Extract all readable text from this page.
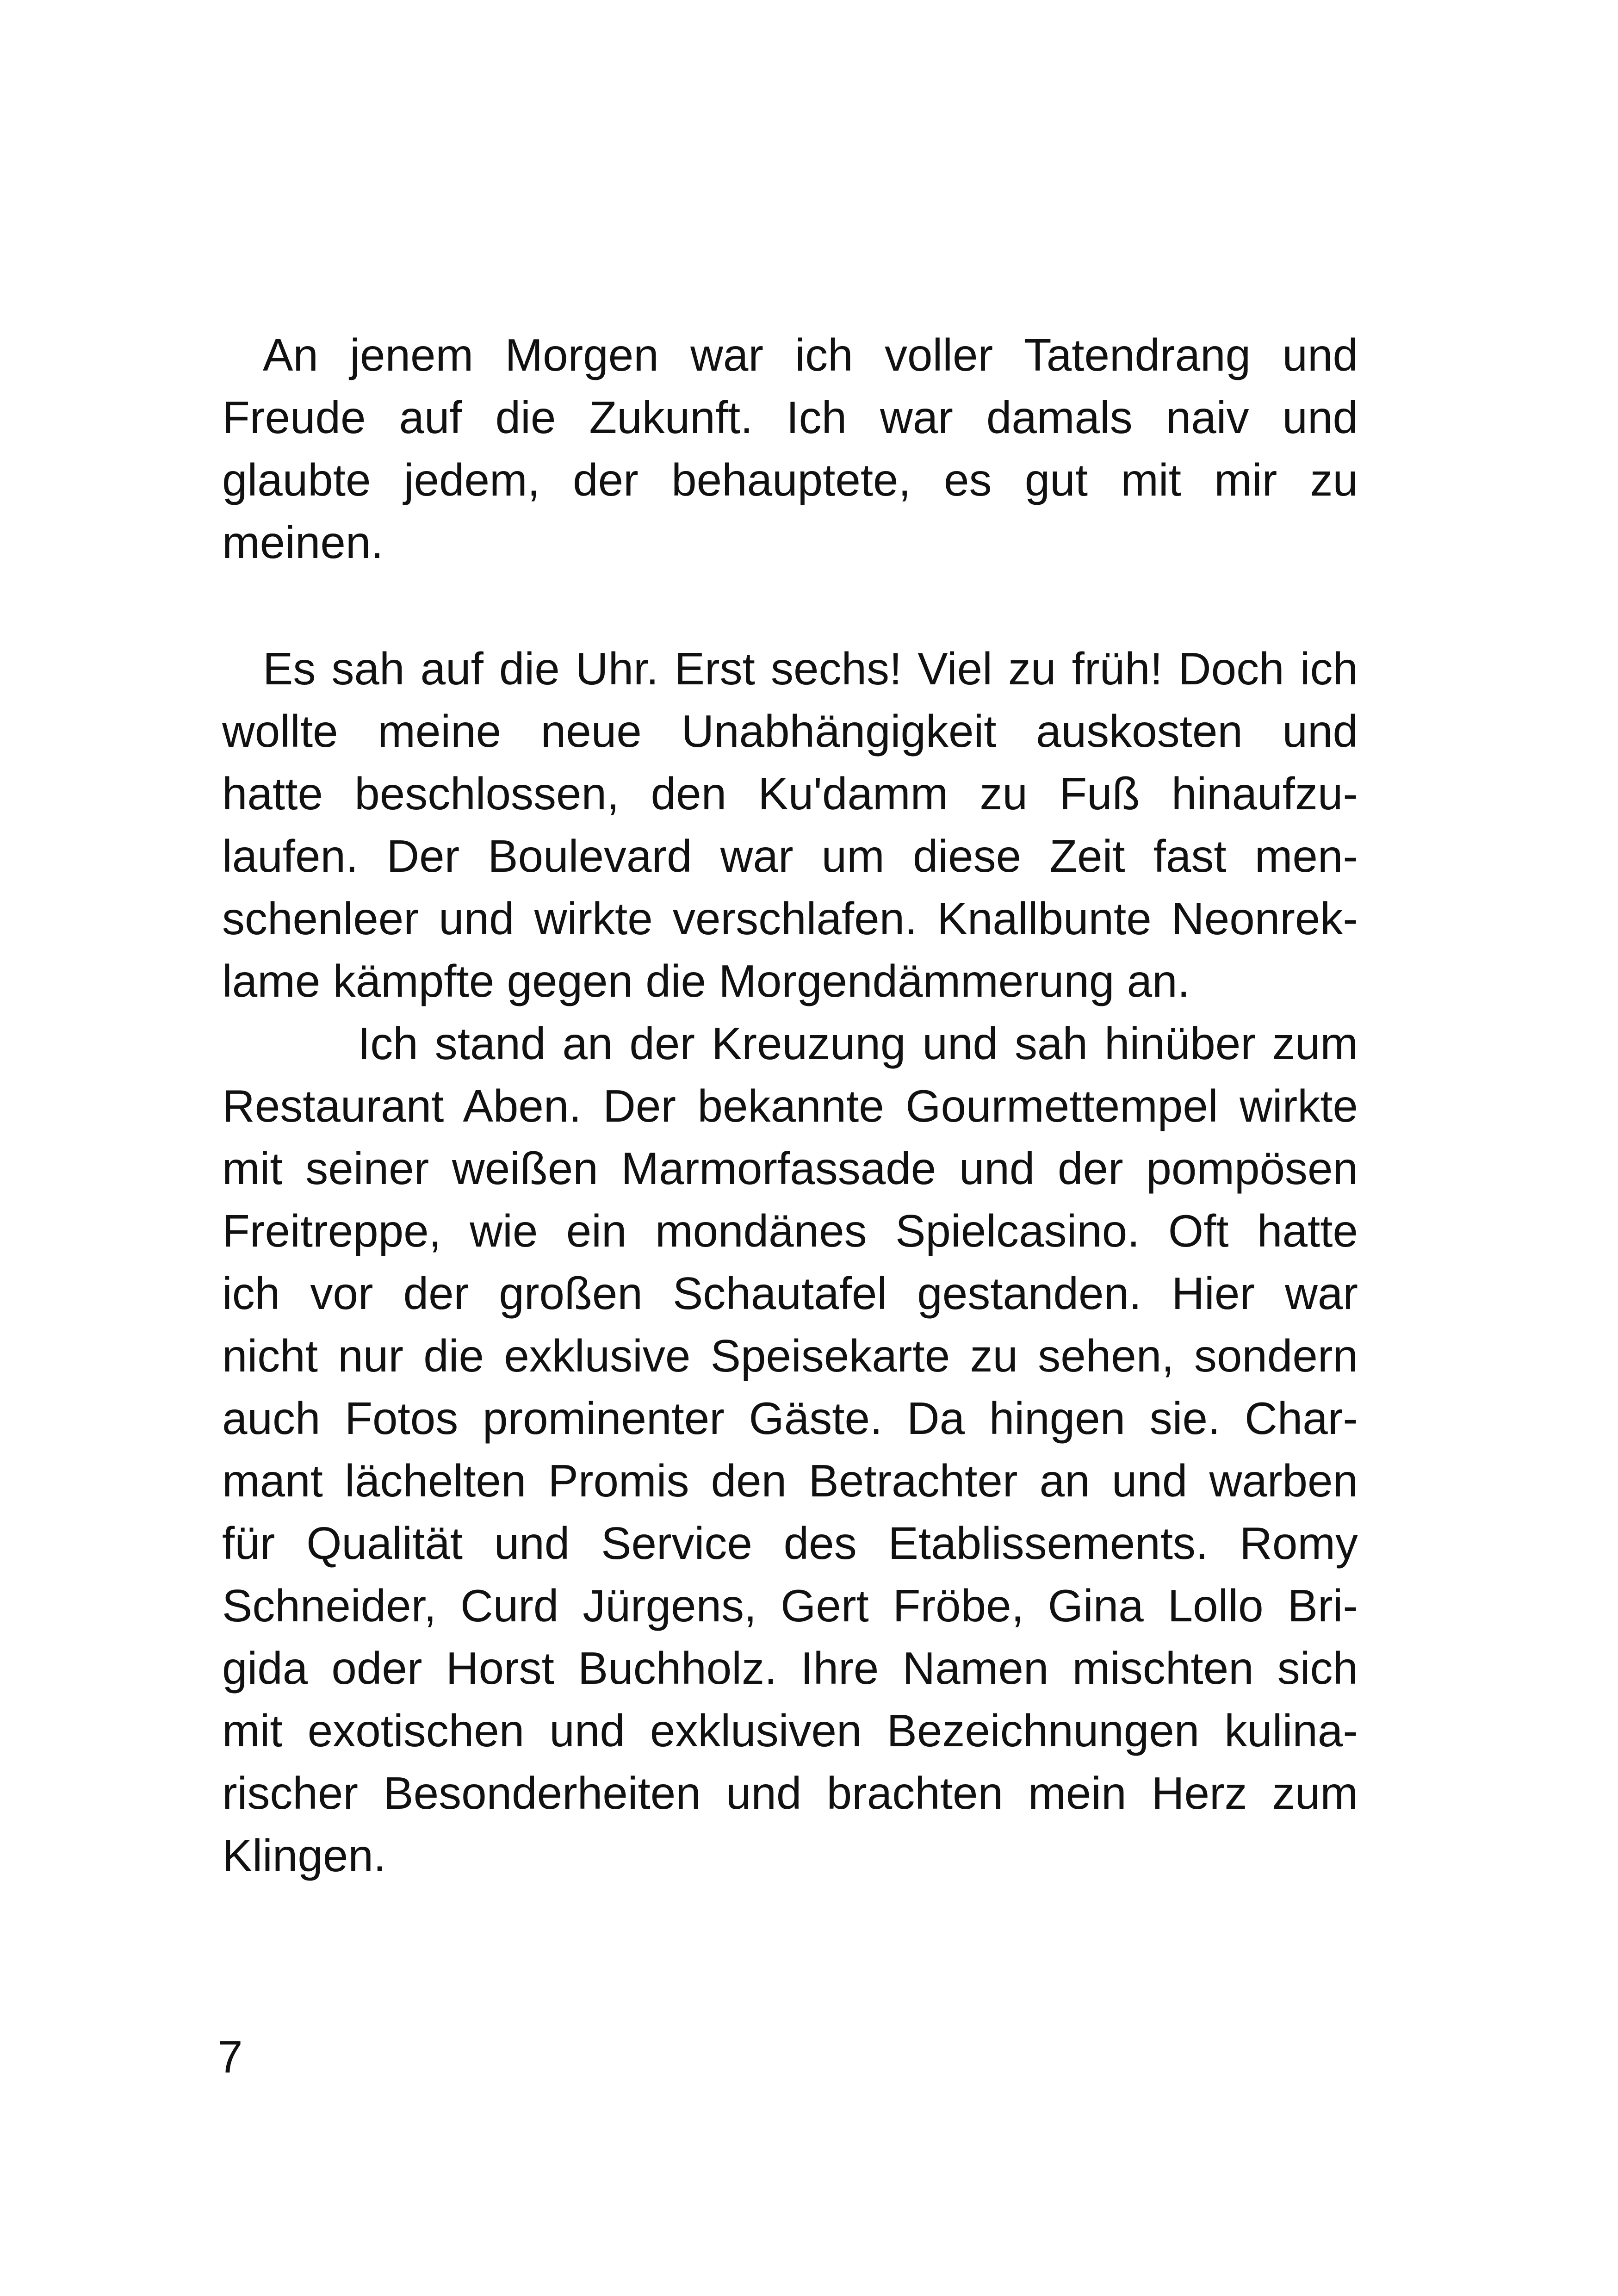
An jenem Morgen war ich voller Tatendrang und
Freude auf die Zukunft. Ich war damals naiv und
glaubte jedem, der behauptete, es gut mit mir zu
meinen.
Es sah auf die Uhr. Erst sechs! Viel zu früh! Doch ich
wollte meine neue Unabhängigkeit auskosten und
hatte beschlossen, den Ku'damm zu Fuß hinaufzu-
laufen. Der Boulevard war um diese Zeit fast men-
schenleer und wirkte verschlafen. Knallbunte Neonrek-
lame kämpfte gegen die Morgendämmerung an.
Ich stand an der Kreuzung und sah hinüber zum
Restaurant Aben. Der bekannte Gourmettempel wirkte
mit seiner weißen Marmorfassade und der pompösen
Freitreppe, wie ein mondänes Spielcasino. Oft hatte
ich vor der großen Schautafel gestanden. Hier war
nicht nur die exklusive Speisekarte zu sehen, sondern
auch Fotos prominenter Gäste. Da hingen sie. Char-
mant lächelten Promis den Betrachter an und warben
für Qualität und Service des Etablissements. Romy
Schneider, Curd Jürgens, Gert Fröbe, Gina Lollo Bri-
gida oder Horst Buchholz. Ihre Namen mischten sich
mit exotischen und exklusiven Bezeichnungen kulina-
rischer Besonderheiten und brachten mein Herz zum
Klingen.
7
